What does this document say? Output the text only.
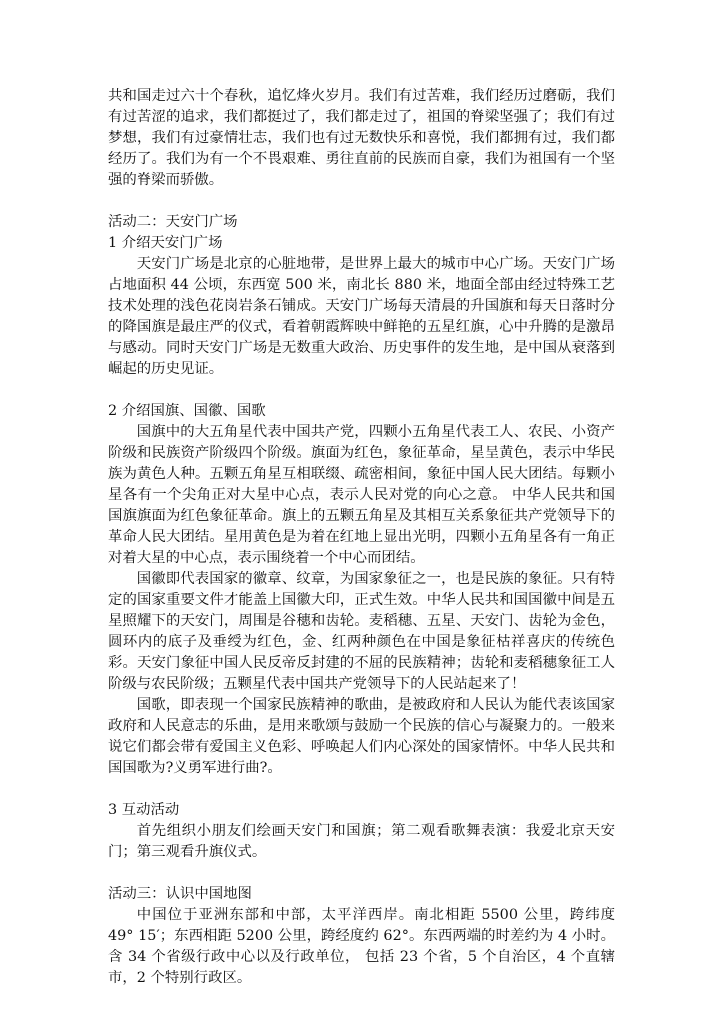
共和国走过六十个春秋，追忆烽火岁月。我们有过苦难，我们经历过磨砺，我们有过苦涩的追求，我们都挺过了，我们都走过了，祖国的脊梁坚强了；我们有过梦想，我们有过豪情壮志，我们也有过无数快乐和喜悦，我们都拥有过，我们都经历了。我们为有一个不畏艰难、勇往直前的民族而自豪，我们为祖国有一个坚强的脊梁而骄傲。

活动二：天安门广场

1 介绍天安门广场

天安门广场是北京的心脏地带，是世界上最大的城市中心广场。天安门广场占地面积 44 公顷，东西宽 500 米，南北长 880 米，地面全部由经过特殊工艺技术处理的浅色花岗岩条石铺成。天安门广场每天清晨的升国旗和每天日落时分的降国旗是最庄严的仪式，看着朝霞辉映中鲜艳的五星红旗，心中升腾的是激昂与感动。同时天安门广场是无数重大政治、历史事件的发生地，是中国从衰落到崛起的历史见证。

2 介绍国旗、国徽、国歌

国旗中的大五角星代表中国共产党，四颗小五角星代表工人、农民、小资产阶级和民族资产阶级四个阶级。旗面为红色，象征革命，星呈黄色，表示中华民族为黄色人种。五颗五角星互相联缀、疏密相间，象征中国人民大团结。每颗小星各有一个尖角正对大星中心点，表示人民对党的向心之意。 中华人民共和国国旗旗面为红色象征革命。旗上的五颗五角星及其相互关系象征共产党领导下的革命人民大团结。星用黄色是为着在红地上显出光明，四颗小五角星各有一角正对着大星的中心点，表示围绕着一个中心而团结。

国徽即代表国家的徽章、纹章，为国家象征之一，也是民族的象征。只有特定的国家重要文件才能盖上国徽大印，正式生效。中华人民共和国国徽中间是五星照耀下的天安门，周围是谷穗和齿轮。麦稻穗、五星、天安门、齿轮为金色，圆环内的底子及垂绶为红色，金、红两种颜色在中国是象征枯祥喜庆的传统色彩。天安门象征中国人民反帝反封建的不屈的民族精神；齿轮和麦稻穗象征工人阶级与农民阶级；五颗星代表中国共产党领导下的人民站起来了！

国歌，即表现一个国家民族精神的歌曲，是被政府和人民认为能代表该国家政府和人民意志的乐曲，是用来歌颂与鼓励一个民族的信心与凝聚力的。一般来说它们都会带有爱国主义色彩、呼唤起人们内心深处的国家情怀。中华人民共和国国歌为?义勇军进行曲?。

3 互动活动

首先组织小朋友们绘画天安门和国旗；第二观看歌舞表演：我爱北京天安门；第三观看升旗仪式。

活动三：认识中国地图

中国位于亚洲东部和中部，太平洋西岸。南北相距 5500 公里，跨纬度 49° 15′；东西相距 5200 公里，跨经度约 62°。东西两端的时差约为 4 小时。含 34 个省级行政中心以及行政单位， 包括 23 个省，5 个自治区，4 个直辖市，2 个特别行政区。
